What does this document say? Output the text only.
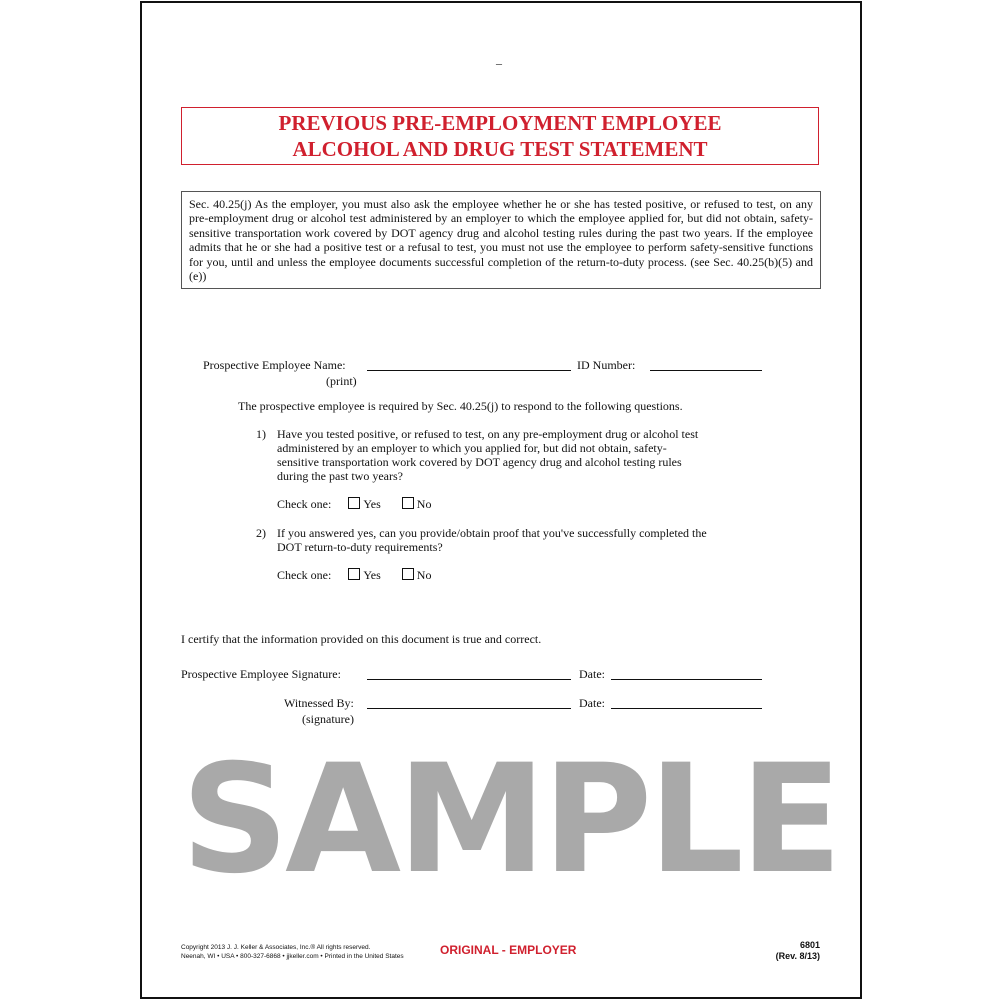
–
PREVIOUS PRE-EMPLOYMENT EMPLOYEE
ALCOHOL AND DRUG TEST STATEMENT
Sec. 40.25(j) As the employer, you must also ask the employee whether he or she has tested positive, or refused to test, on any pre-employment drug or alcohol test administered by an employer to which the employee applied for, but did not obtain, safety-sensitive transportation work covered by DOT agency drug and alcohol testing rules during the past two years. If the employee admits that he or she had a positive test or a refusal to test, you must not use the employee to perform safety-sensitive functions for you, until and unless the employee documents successful completion of the return-to-duty process. (see Sec. 40.25(b)(5) and (e))
Prospective Employee Name:
(print)
ID Number:
The prospective employee is required by Sec. 40.25(j) to respond to the following questions.
1) Have you tested positive, or refused to test, on any pre-employment drug or alcohol test
administered by an employer to which you applied for, but did not obtain, safety-
sensitive transportation work covered by DOT agency drug and alcohol testing rules
during the past two years?
Check one:	Yes	No
2) If you answered yes, can you provide/obtain proof that you've successfully completed the
DOT return-to-duty requirements?
Check one:	Yes	No
I certify that the information provided on this document is true and correct.
Prospective Employee Signature:	Date:
Witnessed By:
(signature)
Date:
SAMPLE
Copyright 2013 J. J. Keller & Associates, Inc.® All rights reserved.
Neenah, WI • USA • 800-327-6868 • jjkeller.com • Printed in the United States	ORIGINAL - EMPLOYER	6801
(Rev. 8/13)
